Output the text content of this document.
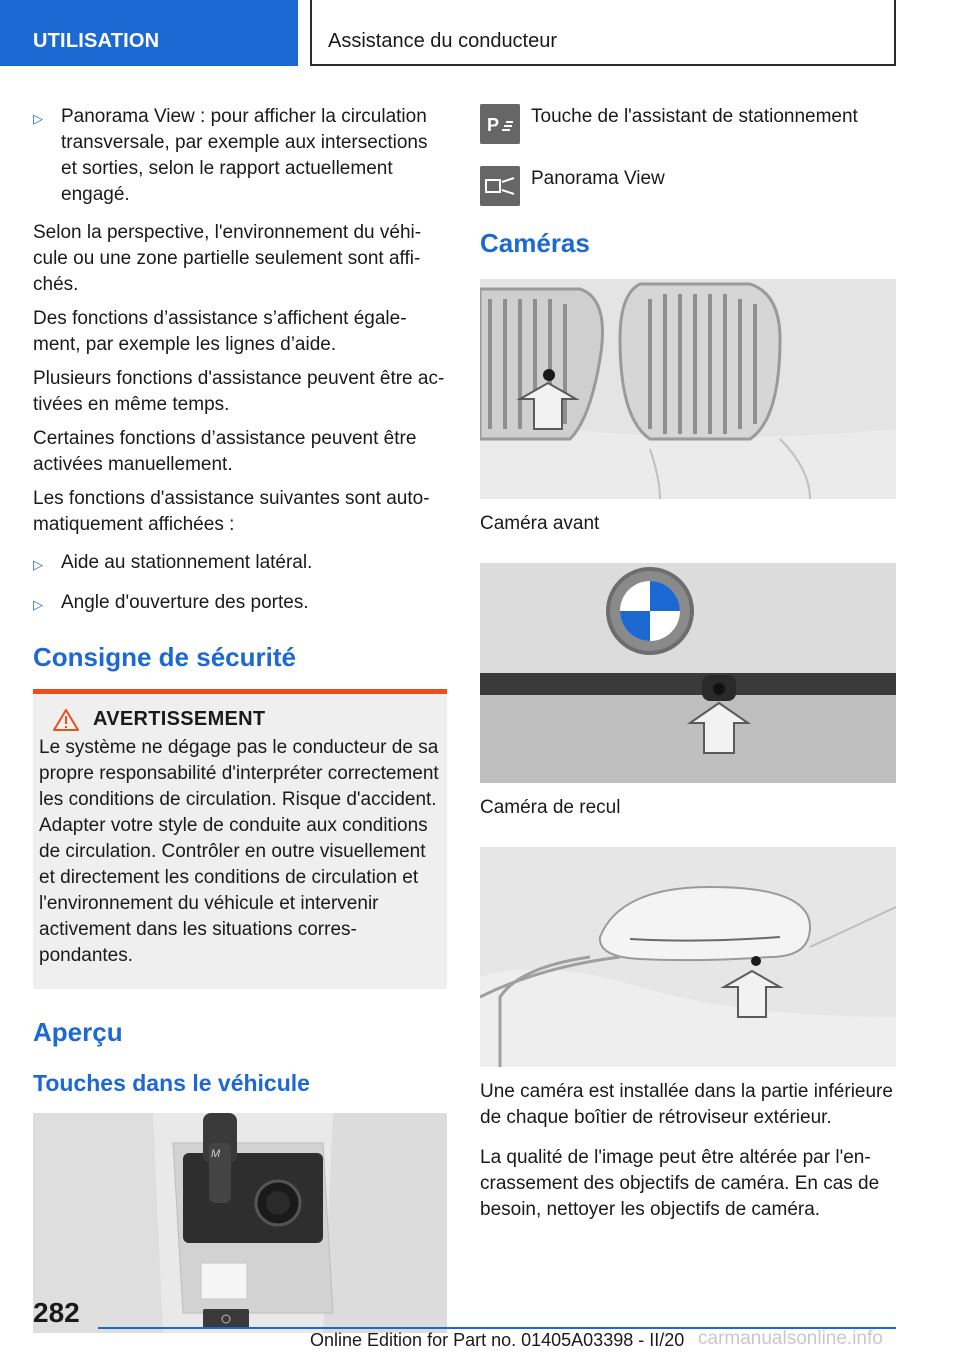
UTILISATION	Assistance du conducteur
▷ Panorama View : pour afficher la circulation transversale, par exemple aux intersections et sorties, selon le rapport actuellement engagé.

Selon la perspective, l'environnement du véhicule ou une zone partielle seulement sont affichés.

Des fonctions d’assistance s’affichent également, par exemple les lignes d’aide.

Plusieurs fonctions d'assistance peuvent être activées en même temps.

Certaines fonctions d’assistance peuvent être activées manuellement.

Les fonctions d'assistance suivantes sont automatiquement affichées :

▷ Aide au stationnement latéral.
▷ Angle d'ouverture des portes.
Consigne de sécurité
AVERTISSEMENT

Le système ne dégage pas le conducteur de sa propre responsabilité d'interpréter correctement les conditions de circulation. Risque d'accident. Adapter votre style de conduite aux conditions de circulation. Contrôler en outre visuellement et directement les conditions de circulation et l'environnement du véhicule et intervenir activement dans les situations correspondantes.

Aperçu
Touches dans le véhicule
M
P Touche de l'assistant de stationnement
Panorama View
Caméras

Caméra avant

Caméra de recul

Une caméra est installée dans la partie inférieure de chaque boîtier de rétroviseur extérieur.

La qualité de l'image peut être altérée par l'encrassement des objectifs de caméra. En cas de besoin, nettoyer les objectifs de caméra.

282
Online Edition for Part no. 01405A03398 - II/20 carmanualsonline.info
